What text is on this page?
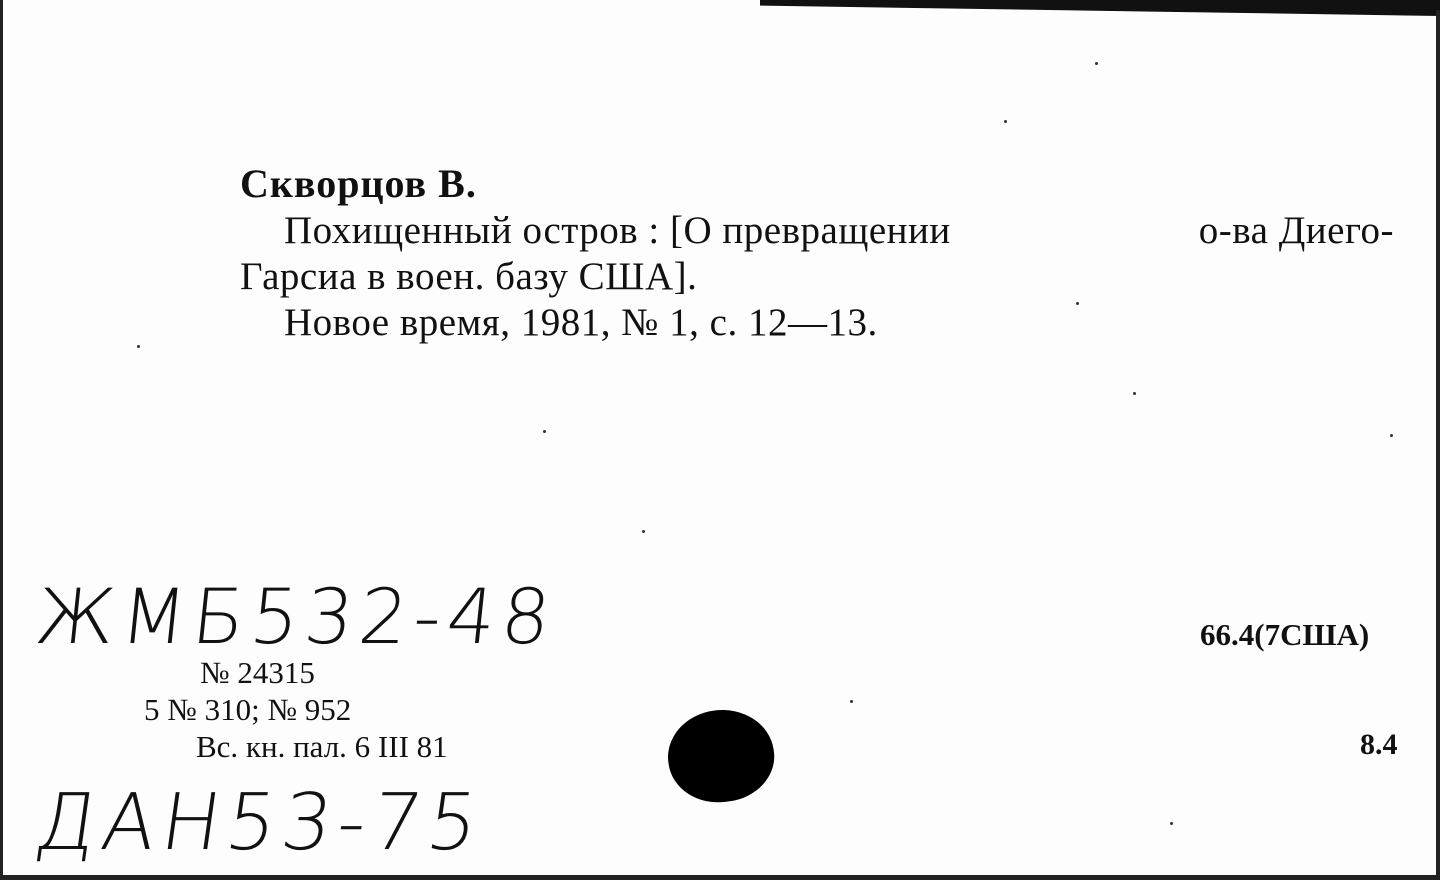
Скворцов В.
Похищенный остров : [О превращении	о-ва Диего-
Гарсиа в воен. базу США].
Новое время, 1981, № 1, с. 12—13.
ЖМБ532-48
№ 24315
5 № 310; № 952
Вс. кн. пал. 6 III 81
66.4(7США)
8.4
ДАН53-75
